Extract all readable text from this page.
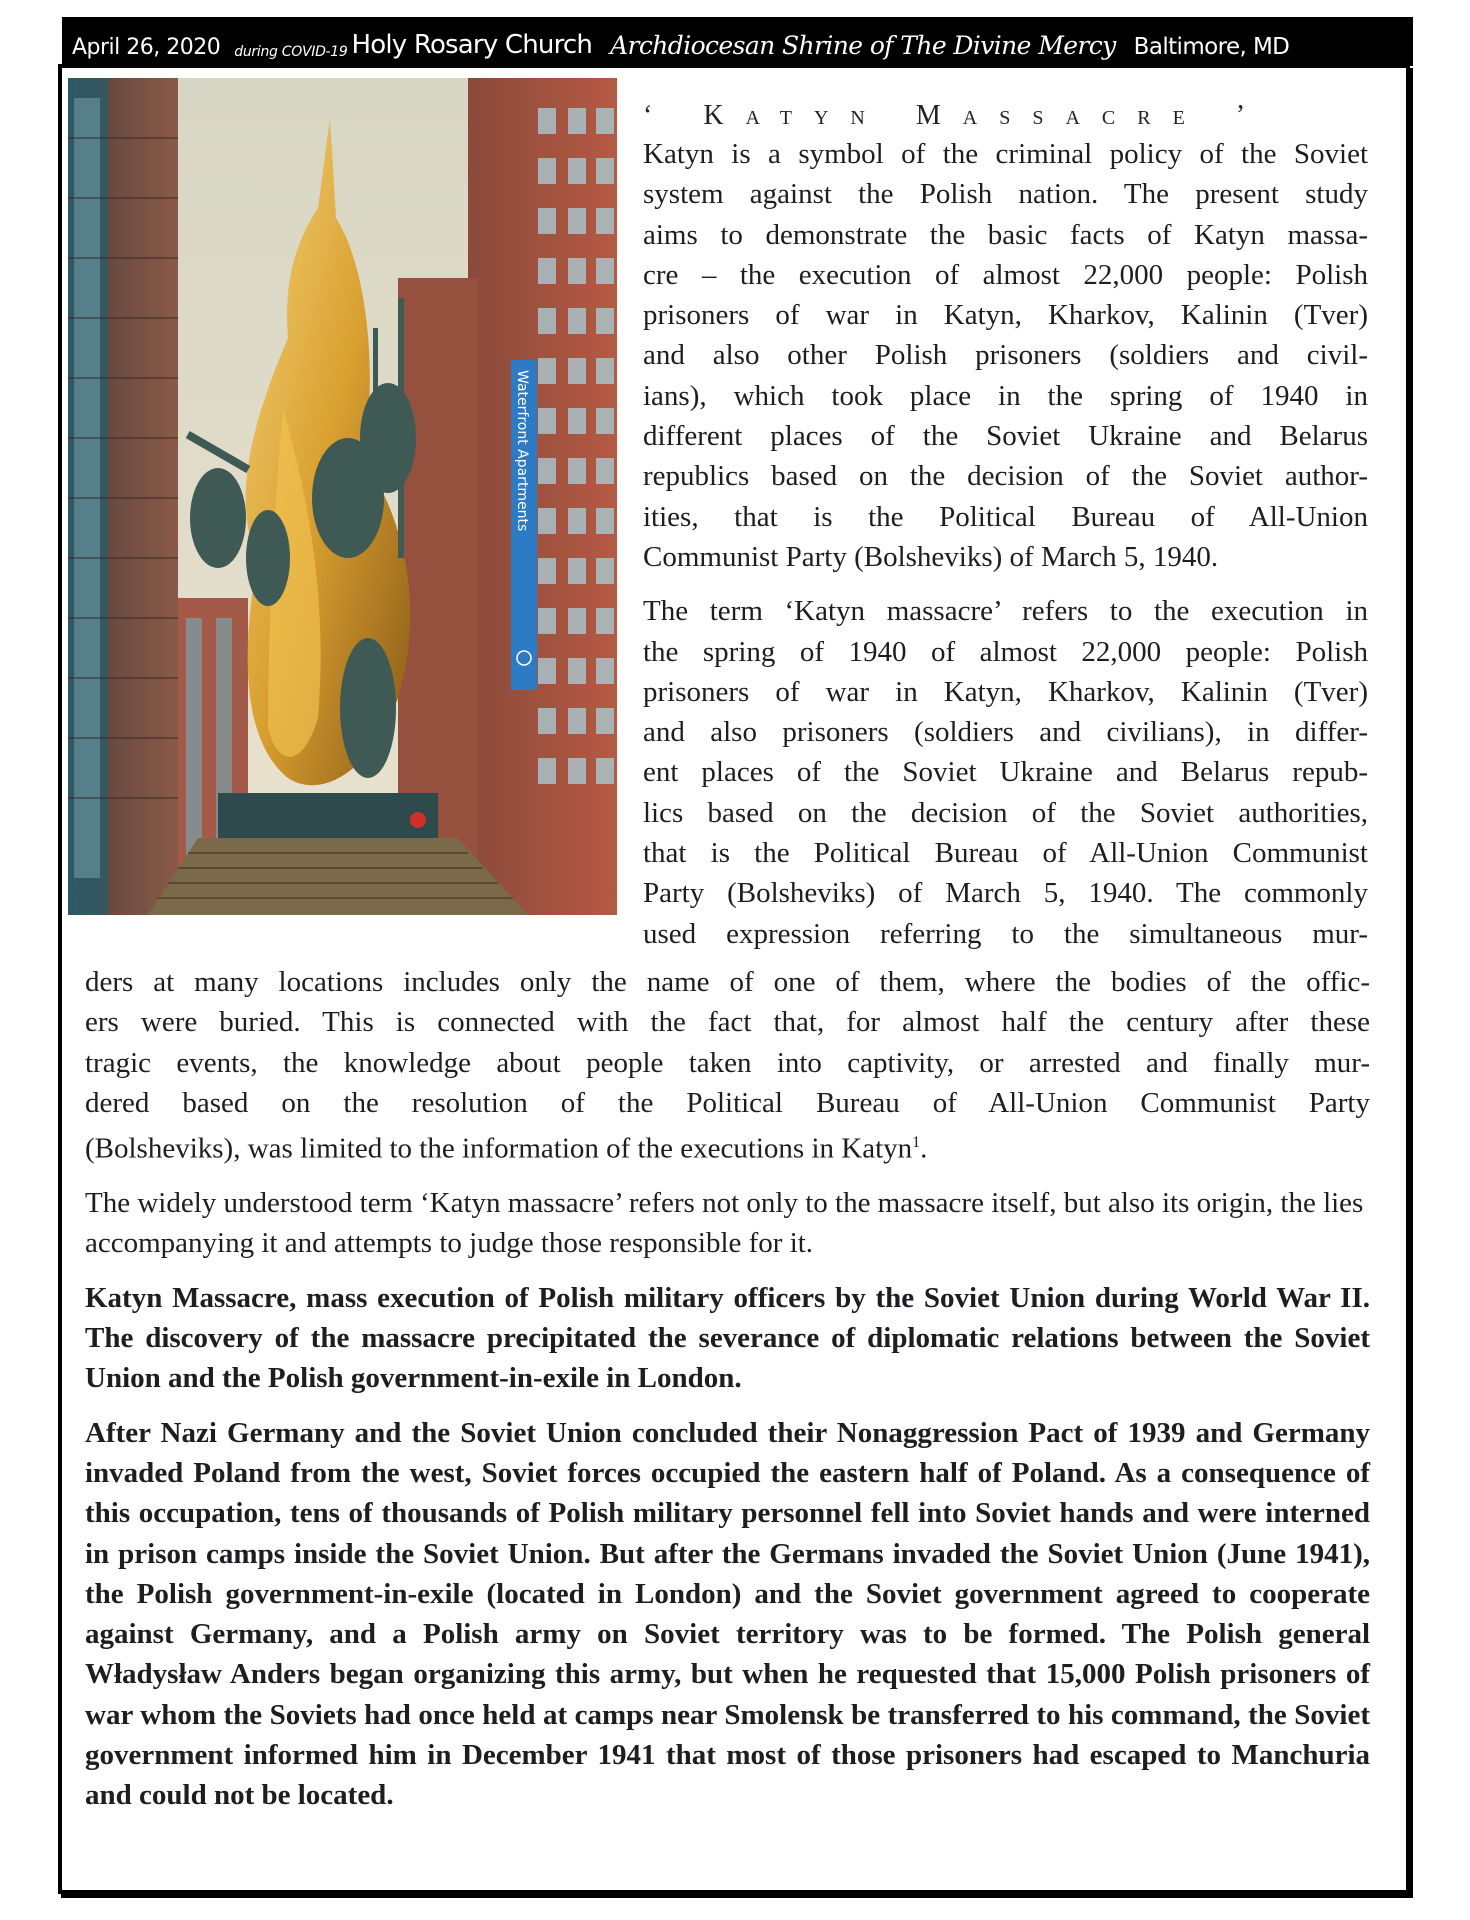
April 26, 2020 during COVID-19 Holy Rosary Church Archdiocesan Shrine of The Divine Mercy Baltimore, MD
Waterfront Apartments
‘ Katyn Massacre ’

Katyn is a symbol of the criminal policy of the Soviet

system against the Polish nation. The present study

aims to demonstrate the basic facts of Katyn massa-

cre – the execution of almost 22,000 people: Polish

prisoners of war in Katyn, Kharkov, Kalinin (Tver)

and also other Polish prisoners (soldiers and civil-

ians), which took place in the spring of 1940 in

different places of the Soviet Ukraine and Belarus

republics based on the decision of the Soviet author-

ities, that is the Political Bureau of All-Union

Communist Party (Bolsheviks) of March 5, 1940.

The term ‘Katyn massacre’ refers to the execution in

the spring of 1940 of almost 22,000 people: Polish

prisoners of war in Katyn, Kharkov, Kalinin (Tver)

and also prisoners (soldiers and civilians), in differ-

ent places of the Soviet Ukraine and Belarus repub-

lics based on the decision of the Soviet authorities,

that is the Political Bureau of All-Union Communist

Party (Bolsheviks) of March 5, 1940. The commonly

used expression referring to the simultaneous mur-

ders at many locations includes only the name of one of them, where the bodies of the offic-

ers were buried. This is connected with the fact that, for almost half the century after these

tragic events, the knowledge about people taken into captivity, or arrested and finally mur-

dered based on the resolution of the Political Bureau of All-Union Communist Party

(Bolsheviks), was limited to the information of the executions in Katyn$^1$.

The widely understood term ‘Katyn massacre’ refers not only to the massacre itself, but also its origin, the lies accompanying it and attempts to judge those responsible for it.

Katyn Massacre, mass execution of Polish military officers by the Soviet Union during World War II. The discovery of the massacre precipitated the severance of diplomatic relations between the Soviet Union and the Polish government-in-exile in London.

After Nazi Germany and the Soviet Union concluded their Nonaggression Pact of 1939 and Germany invaded Poland from the west, Soviet forces occupied the eastern half of Poland. As a consequence of this occupation, tens of thousands of Polish military personnel fell into Soviet hands and were interned in prison camps inside the Soviet Union. But after the Germans invaded the Soviet Union (June 1941), the Polish government-in-exile (located in London) and the Soviet government agreed to cooperate against Germany, and a Polish army on Soviet territory was to be formed. The Polish general Władysław Anders began organizing this army, but when he requested that 15,000 Polish prisoners of war whom the Soviets had once held at camps near Smolensk be transferred to his command, the Soviet government informed him in December 1941 that most of those prisoners had escaped to Manchuria and could not be located.
